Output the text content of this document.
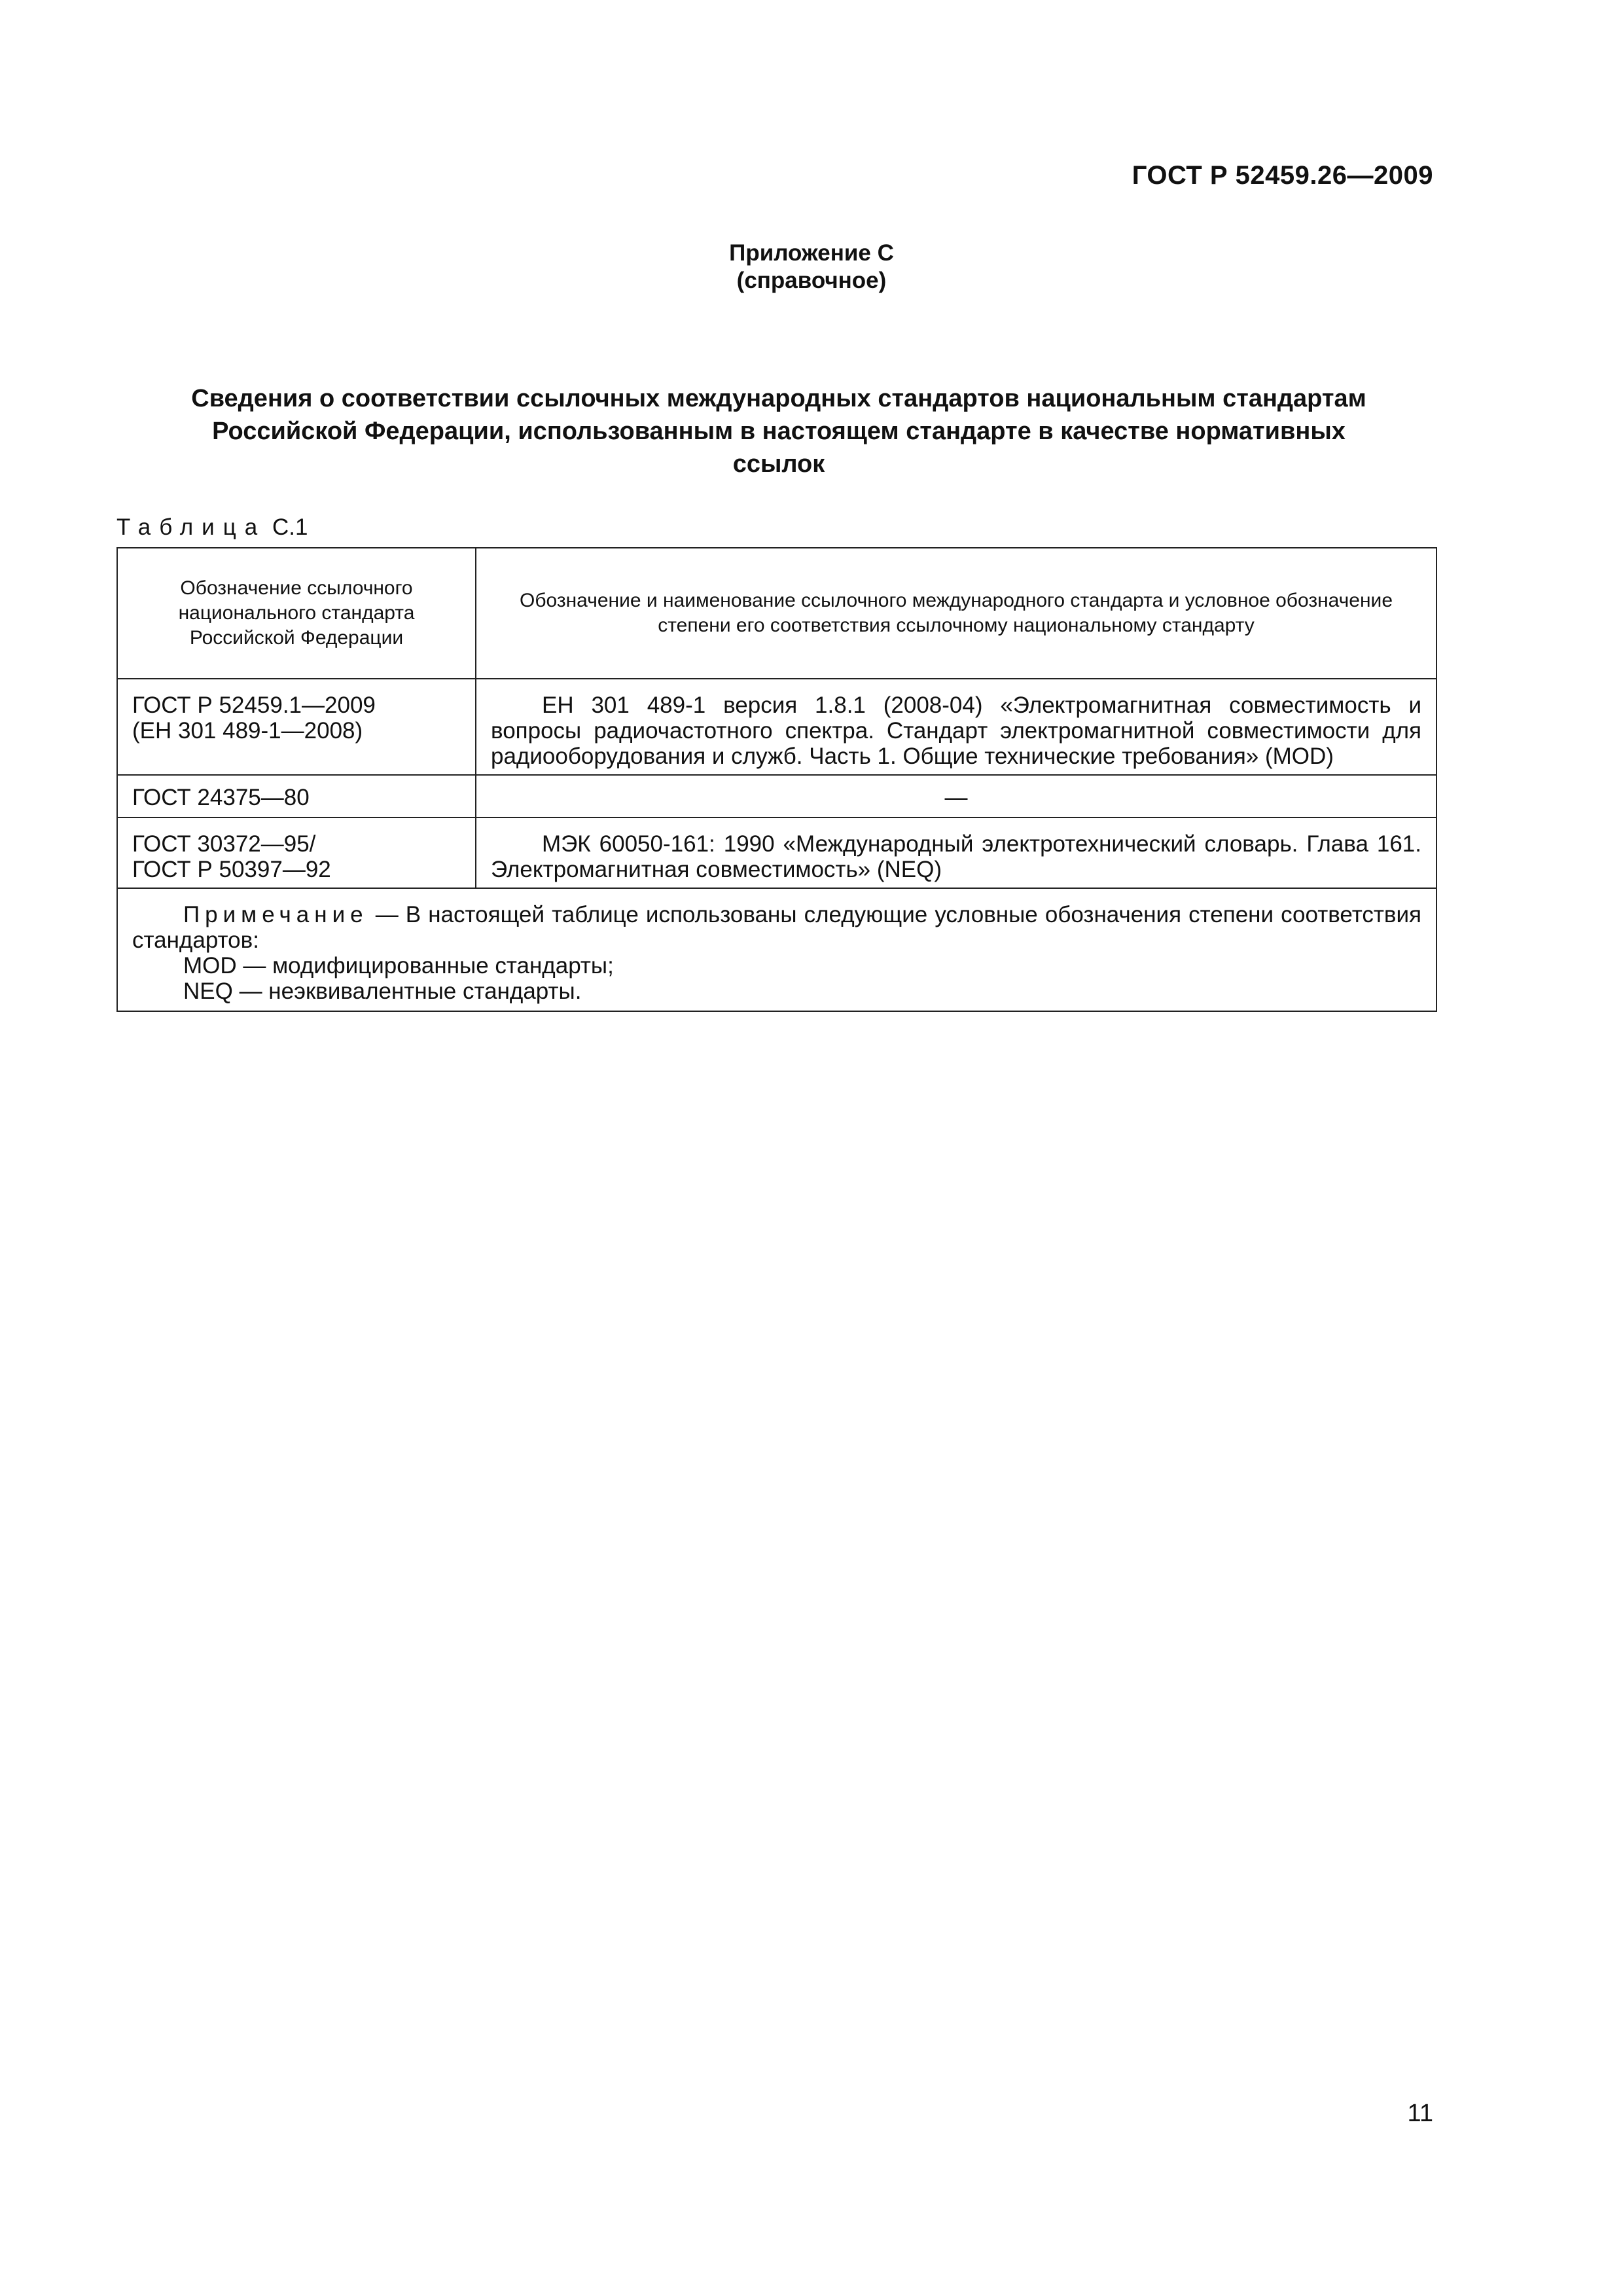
ГОСТ Р 52459.26—2009
Приложение С
(справочное)
Сведения о соответствии ссылочных международных стандартов национальным стандартам
Российской Федерации, использованным в настоящем стандарте в качестве нормативных
ссылок
Таблица С.1
Обозначение ссылочного национального стандарта Российской Федерации	Обозначение и наименование ссылочного международного стандарта и условное обозначение степени его соответствия ссылочному национальному стандарту

ГОСТ Р 52459.1—2009
(ЕН 301 489-1—2008)	ЕН 301 489-1 версия 1.8.1 (2008-04) «Электромагнитная совместимость и вопросы радиочастотного спектра. Стандарт электромагнитной совместимости для радиооборудования и служб. Часть 1. Общие технические требования» (MOD)
ГОСТ 24375—80	—

ГОСТ 30372—95/
ГОСТ Р 50397—92	МЭК 60050-161: 1990 «Международный электротехнический словарь. Глава 161. Электромагнитная совместимость» (NEQ)

Примечание — В настоящей таблице использованы следующие условные обозначения степени соответствия стандартов:

MOD — модифицированные стандарты;

NEQ — неэквивалентные стандарты.	

11
